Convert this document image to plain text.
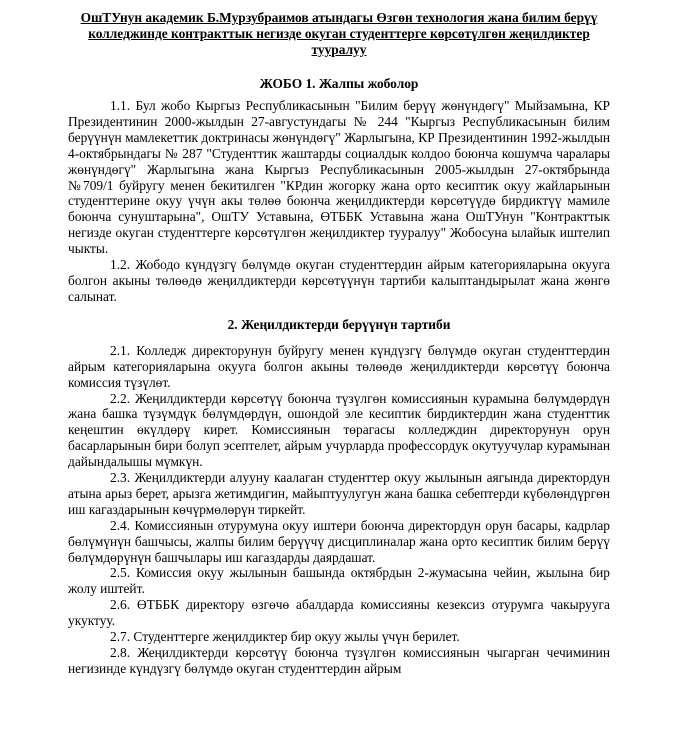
ОшТУнун академик Б.Мурзубраимов атындагы Өзгөн технология жана билим берүү колледжинде контракттык негизде окуган студенттерге көрсөтүлгөн жеңилдиктер тууралуу
ЖОБО 1. Жалпы жоболор

1.1. Бул жобо Кыргыз Республикасынын "Билим берүү жөнүндөгү" Мыйзамына, КР Президентинин 2000-жылдын 27-августундагы № 244 "Кыргыз Республикасынын билим берүүнүн мамлекеттик доктринасы жөнүндөгү" Жарлыгына, КР Президентинин 1992-жылдын 4-октябрындагы № 287 "Студенттик жаштарды социалдык колдоо боюнча кошумча чаралары жөнүндөгү" Жарлыгына жана Кыргыз Республикасынын 2005-жылдын 27-октябрында №709/1 буйругу менен бекитилген "КРдин жогорку жана орто кесиптик окуу жайларынын студенттерине окуу үчүн акы төлөө боюнча жеңилдиктерди көрсөтүүдө бирдиктүү мамиле боюнча сунуштарына", ОшТУ Уставына, ӨТББК Уставына жана ОшТУнун "Контракттык негизде окуган студенттерге көрсөтүлгөн жеңилдиктер тууралуу" Жобосуна ылайык иштелип чыкты.

1.2. Жободо күндүзгү бөлүмдө окуган студенттердин айрым категорияларына окууга болгон акыны төлөөдө жеңилдиктерди көрсөтүүнүн тартиби калыптандырылат жана жөнгө салынат.

2. Жеңилдиктерди берүүнүн тартиби

2.1. Колледж директорунун буйругу менен күндүзгү бөлүмдө окуган студенттердин айрым категорияларына окууга болгон акыны төлөөдө жеңилдиктерди көрсөтүү боюнча комиссия түзүлөт.

2.2. Жеңилдиктерди көрсөтүү боюнча түзүлгөн комиссиянын курамына бөлүмдөрдүн жана башка түзүмдүк бөлүмдөрдүн, ошондой эле кесиптик бирдиктердин жана студенттик кеңештин өкүлдөрү кирет. Комиссиянын төрагасы колледждин директорунун орун басарларынын бири болуп эсептелет, айрым учурларда профессордук окутуучулар курамынан дайындалышы мүмкүн.

2.3. Жеңилдиктерди алууну каалаган студенттер окуу жылынын аягында директордун атына арыз берет, арызга жетимдигин, майыптуулугун жана башка себептерди күбөлөндүргөн иш кагаздарынын көчүрмөлөрүн тиркейт.

2.4. Комиссиянын отурумуна окуу иштери боюнча директордун орун басары, кадрлар бөлүмүнүн башчысы, жалпы билим берүүчү дисциплиналар жана орто кесиптик билим берүү бөлүмдөрүнүн башчылары иш кагаздарды даярдашат.

2.5. Комиссия окуу жылынын башында октябрдын 2-жумасына чейин, жылына бир жолу иштейт.

2.6. ӨТББК директору өзгөчө абалдарда комиссияны кезексиз отурумга чакырууга укуктуу.

2.7. Студенттерге жеңилдиктер бир окуу жылы үчүн берилет.

2.8. Жеңилдиктерди көрсөтүү боюнча түзүлгөн комиссиянын чыгарган чечиминин негизинде күндүзгү бөлүмдө окуган студенттердин айрым
